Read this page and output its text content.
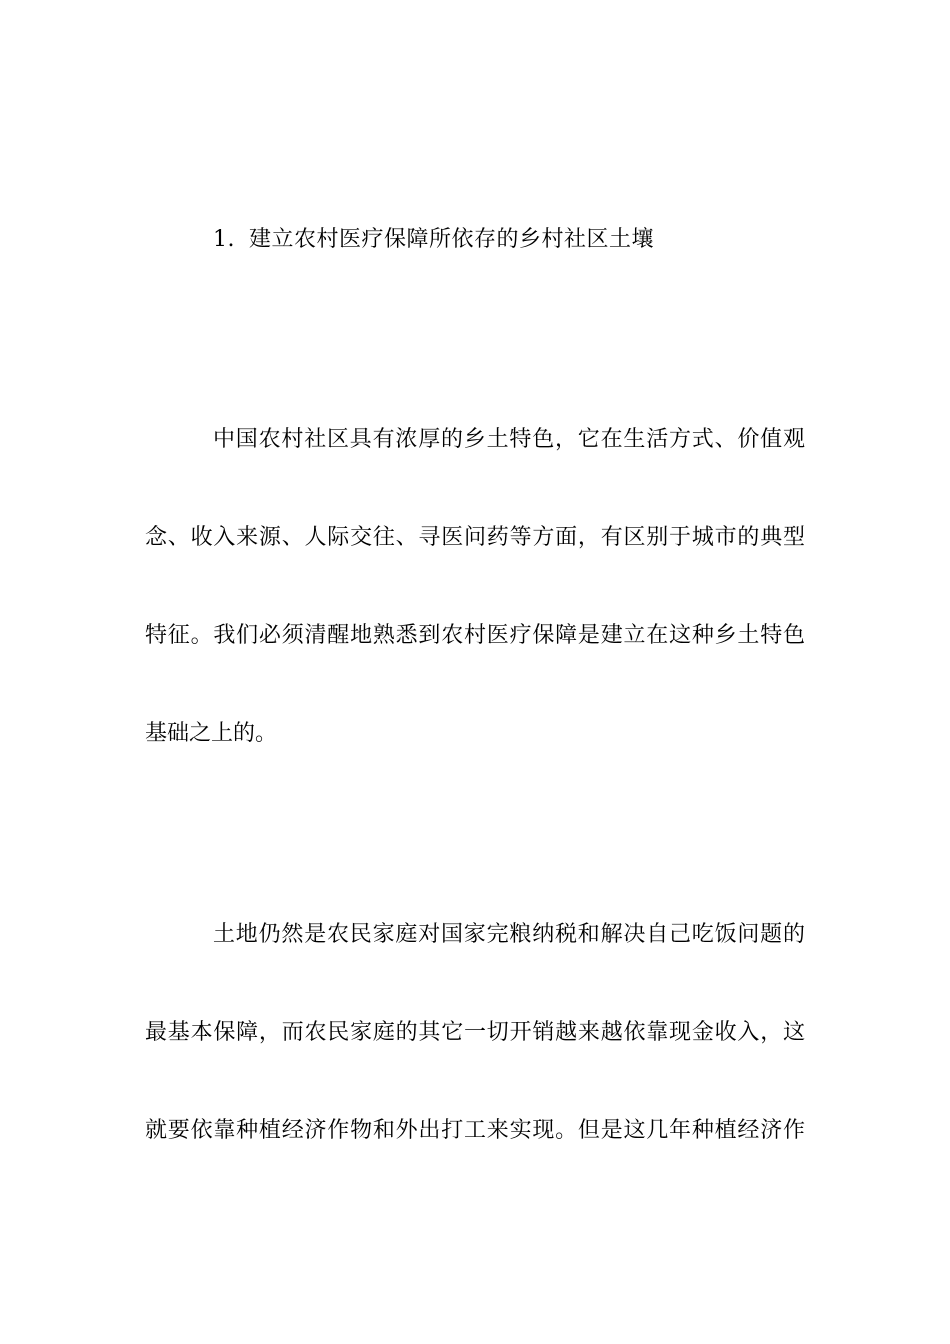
1. 建立农村医疗保障所依存的乡村社区土壤
中国农村社区具有浓厚的乡土特色，它在生活方式、价值观
念、收入来源、人际交往、寻医问药等方面，有区别于城市的典型
特征。我们必须清醒地熟悉到农村医疗保障是建立在这种乡土特色
基础之上的。
土地仍然是农民家庭对国家完粮纳税和解决自己吃饭问题的
最基本保障，而农民家庭的其它一切开销越来越依靠现金收入，这
就要依靠种植经济作物和外出打工来实现。但是这几年种植经济作
